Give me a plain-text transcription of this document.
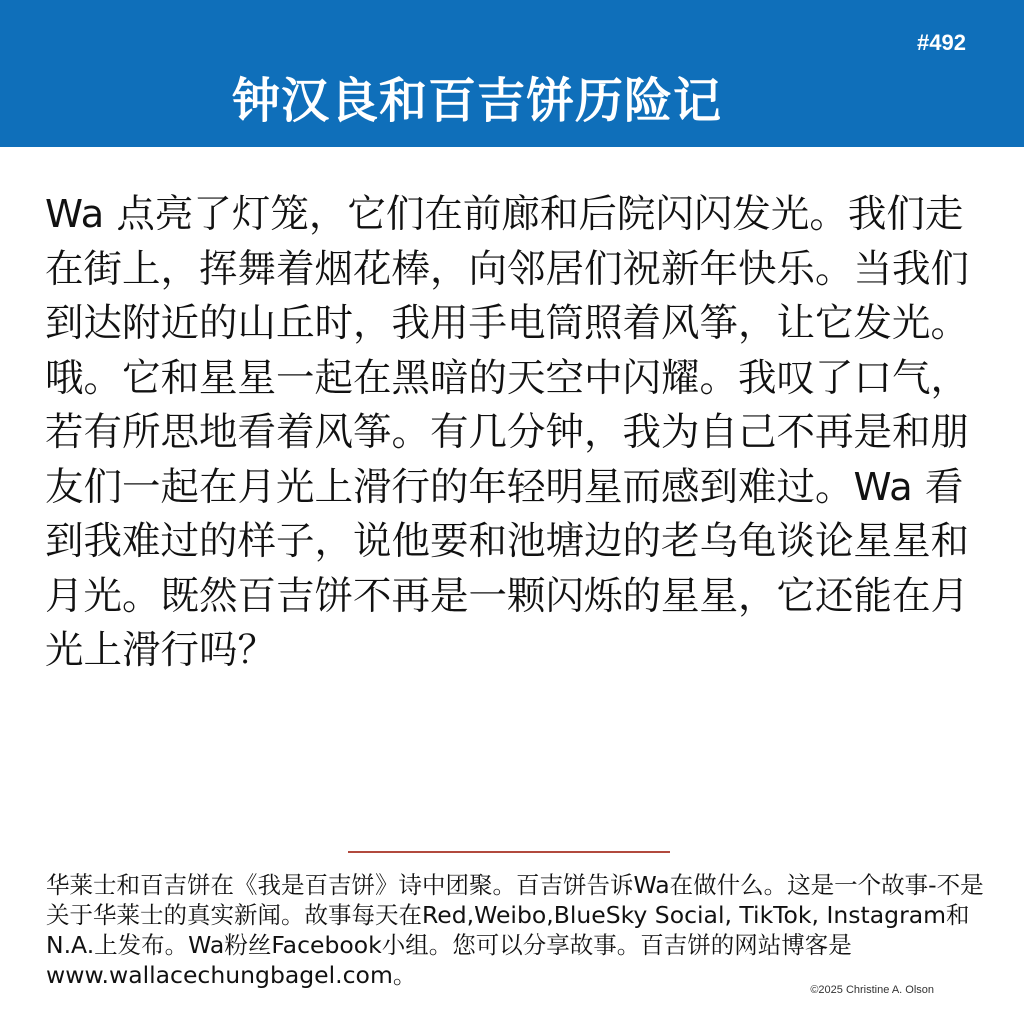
#492
钟汉良和百吉饼历险记

Wa 点亮了灯笼，它们在前廊和后院闪闪发光。我们走在街上，挥舞着烟花棒，向邻居们祝新年快乐。当我们到达附近的山丘时，我用手电筒照着风筝，让它发光。哦。它和星星一起在黑暗的天空中闪耀。我叹了口气，若有所思地看着风筝。有几分钟，我为自己不再是和朋友们一起在月光上滑行的年轻明星而感到难过。Wa 看到我难过的样子，说他要和池塘边的老乌龟谈论星星和月光。既然百吉饼不再是一颗闪烁的星星，它还能在月光上滑行吗？

华莱士和百吉饼在《我是百吉饼》诗中团聚。百吉饼告诉Wa在做什么。这是一个故事-不是关于华莱士的真实新闻。故事每天在Red,Weibo,BlueSky Social, TikTok, Instagram和N.A.上发布。Wa粉丝Facebook小组。您可以分享故事。百吉饼的网站博客是www.wallacechungbagel.com。

©2025 Christine A. Olson
